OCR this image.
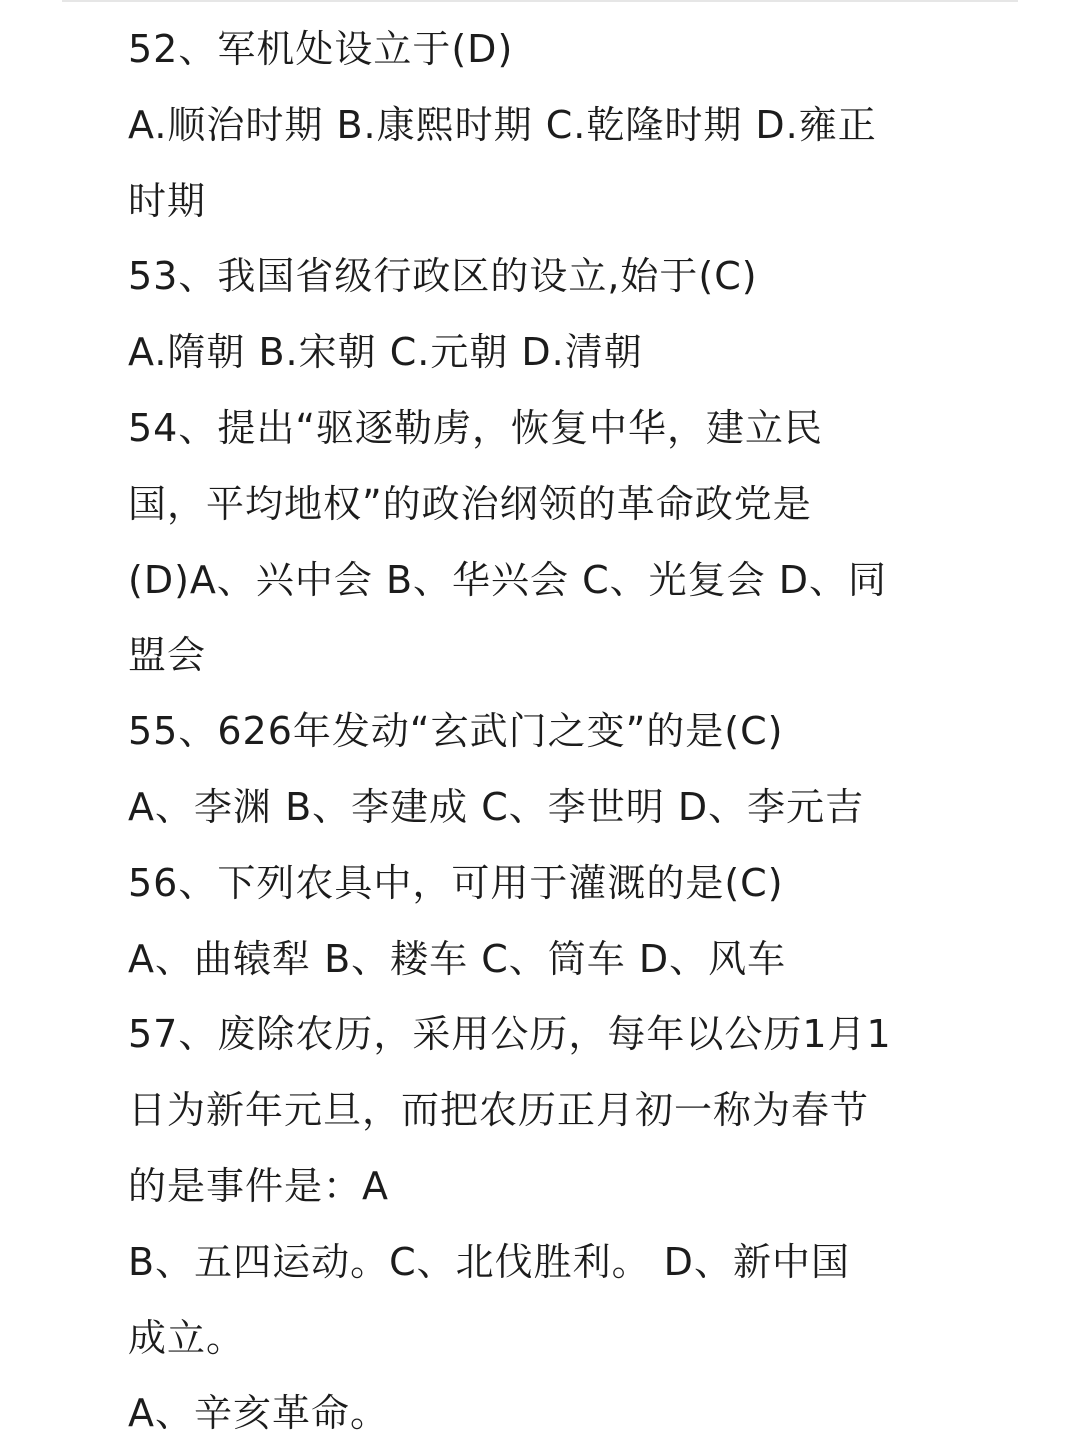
52、军机处设立于(D)
A.顺治时期 B.康熙时期 C.乾隆时期 D.雍正
时期
53、我国省级行政区的设立,始于(C)
A.隋朝 B.宋朝 C.元朝 D.清朝
54、提出“驱逐勒虏，恢复中华，建立民
国，平均地权”的政治纲领的革命政党是
(D)A、兴中会 B、华兴会 C、光复会 D、同
盟会
55、626年发动“玄武门之变”的是(C)
A、李渊 B、李建成 C、李世明 D、李元吉
56、下列农具中，可用于灌溉的是(C)
A、曲辕犁 B、耧车 C、筒车 D、风车
57、废除农历，采用公历，每年以公历1月1
日为新年元旦，而把农历正月初一称为春节
的是事件是：A
B、五四运动。C、北伐胜利。 D、新中国
成立。
A、辛亥革命。
